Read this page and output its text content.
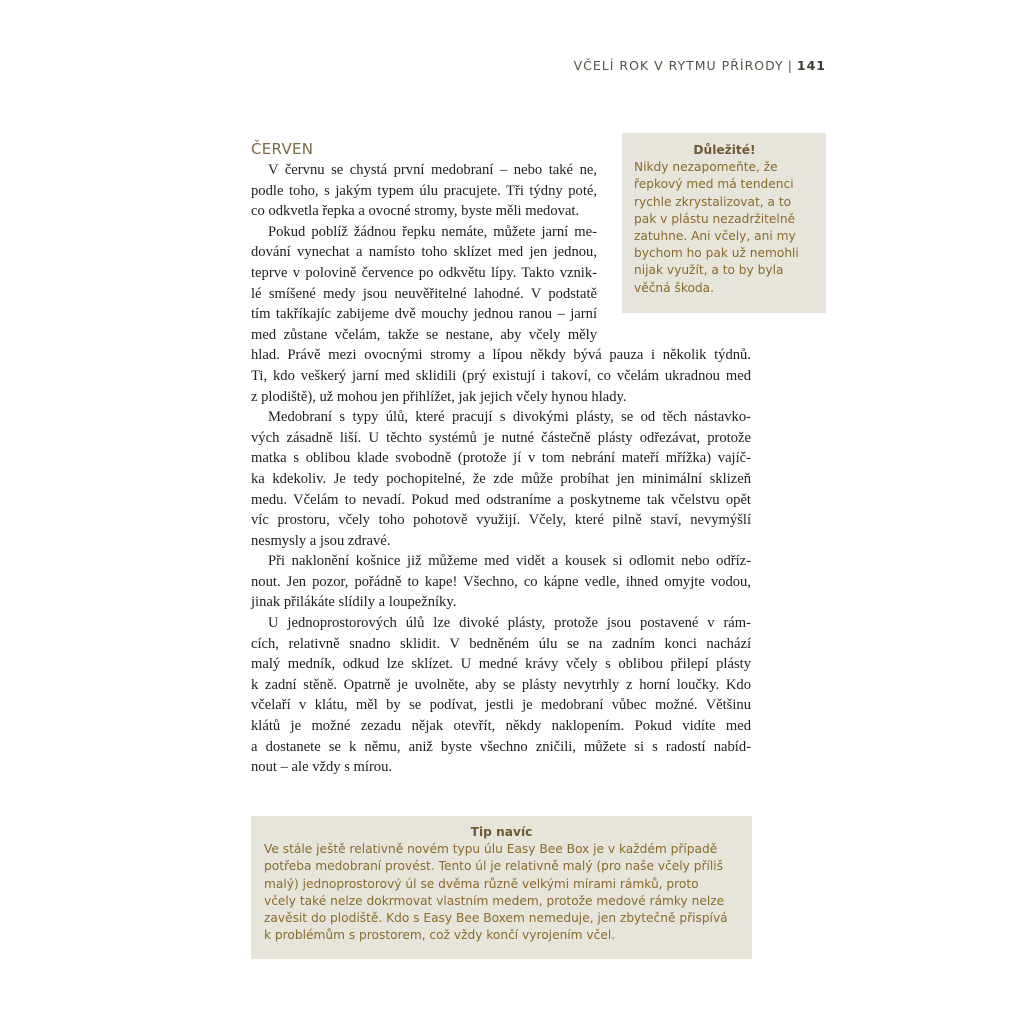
VČELÍ ROK V RYTMU PŘÍRODY | 141
ČERVEN
V červnu se chystá první medobraní – nebo také ne,
podle toho, s jakým typem úlu pracujete. Tři týdny poté,
co odkvetla řepka a ovocné stromy, byste měli medovat.
Pokud poblíž žádnou řepku nemáte, můžete jarní me-
dování vynechat a namísto toho sklízet med jen jednou,
teprve v polovině července po odkvětu lípy. Takto vznik-
lé smíšené medy jsou neuvěřitelné lahodné. V podstatě
tím takříkajíc zabijeme dvě mouchy jednou ranou – jarní
med zůstane včelám, takže se nestane, aby včely měly
hlad. Právě mezi ovocnými stromy a lípou někdy bývá pauza i několik týdnů.
Ti, kdo veškerý jarní med sklidili (prý existují i takoví, co včelám ukradnou med
z plodiště), už mohou jen přihlížet, jak jejich včely hynou hlady.
Medobraní s typy úlů, které pracují s divokými plásty, se od těch nástavko-
vých zásadně liší. U těchto systémů je nutné částečně plásty odřezávat, protože
matka s oblibou klade svobodně (protože jí v tom nebrání mateří mřížka) vajíč-
ka kdekoliv. Je tedy pochopitelné, že zde může probíhat jen minimální sklizeň
medu. Včelám to nevadí. Pokud med odstraníme a poskytneme tak včelstvu opět
víc prostoru, včely toho pohotově využijí. Včely, které pilně staví, nevymýšlí
nesmysly a jsou zdravé.
Při naklonění košnice již můžeme med vidět a kousek si odlomit nebo odříz-
nout. Jen pozor, pořádně to kape! Všechno, co kápne vedle, ihned omyjte vodou,
jinak přilákáte slídily a loupežníky.
U jednoprostorových úlů lze divoké plásty, protože jsou postavené v rám-
cích, relativně snadno sklidit. V bedněném úlu se na zadním konci nachází
malý medník, odkud lze sklízet. U medné krávy včely s oblibou přilepí plásty
k zadní stěně. Opatrně je uvolněte, aby se plásty nevytrhly z horní loučky. Kdo
včelaří v klátu, měl by se podívat, jestli je medobraní vůbec možné. Většinu
klátů je možné zezadu nějak otevřít, někdy naklopením. Pokud vidíte med
a dostanete se k němu, aniž byste všechno zničili, můžete si s radostí nabíd-
nout – ale vždy s mírou.
Důležité!
Nikdy nezapomeňte, že
řepkový med má tendenci
rychle zkrystalizovat, a to
pak v plástu nezadržitelně
zatuhne. Ani včely, ani my
bychom ho pak už nemohli
nijak využít, a to by byla
věčná škoda.
Tip navíc
Ve stále ještě relativně novém typu úlu Easy Bee Box je v každém případě
potřeba medobraní provést. Tento úl je relativně malý (pro naše včely příliš
malý) jednoprostorový úl se dvěma různě velkými mírami rámků, proto
včely také nelze dokrmovat vlastním medem, protože medové rámky nelze
zavěsit do plodiště. Kdo s Easy Bee Boxem nemeduje, jen zbytečně přispívá
k problémům s prostorem, což vždy končí vyrojením včel.
